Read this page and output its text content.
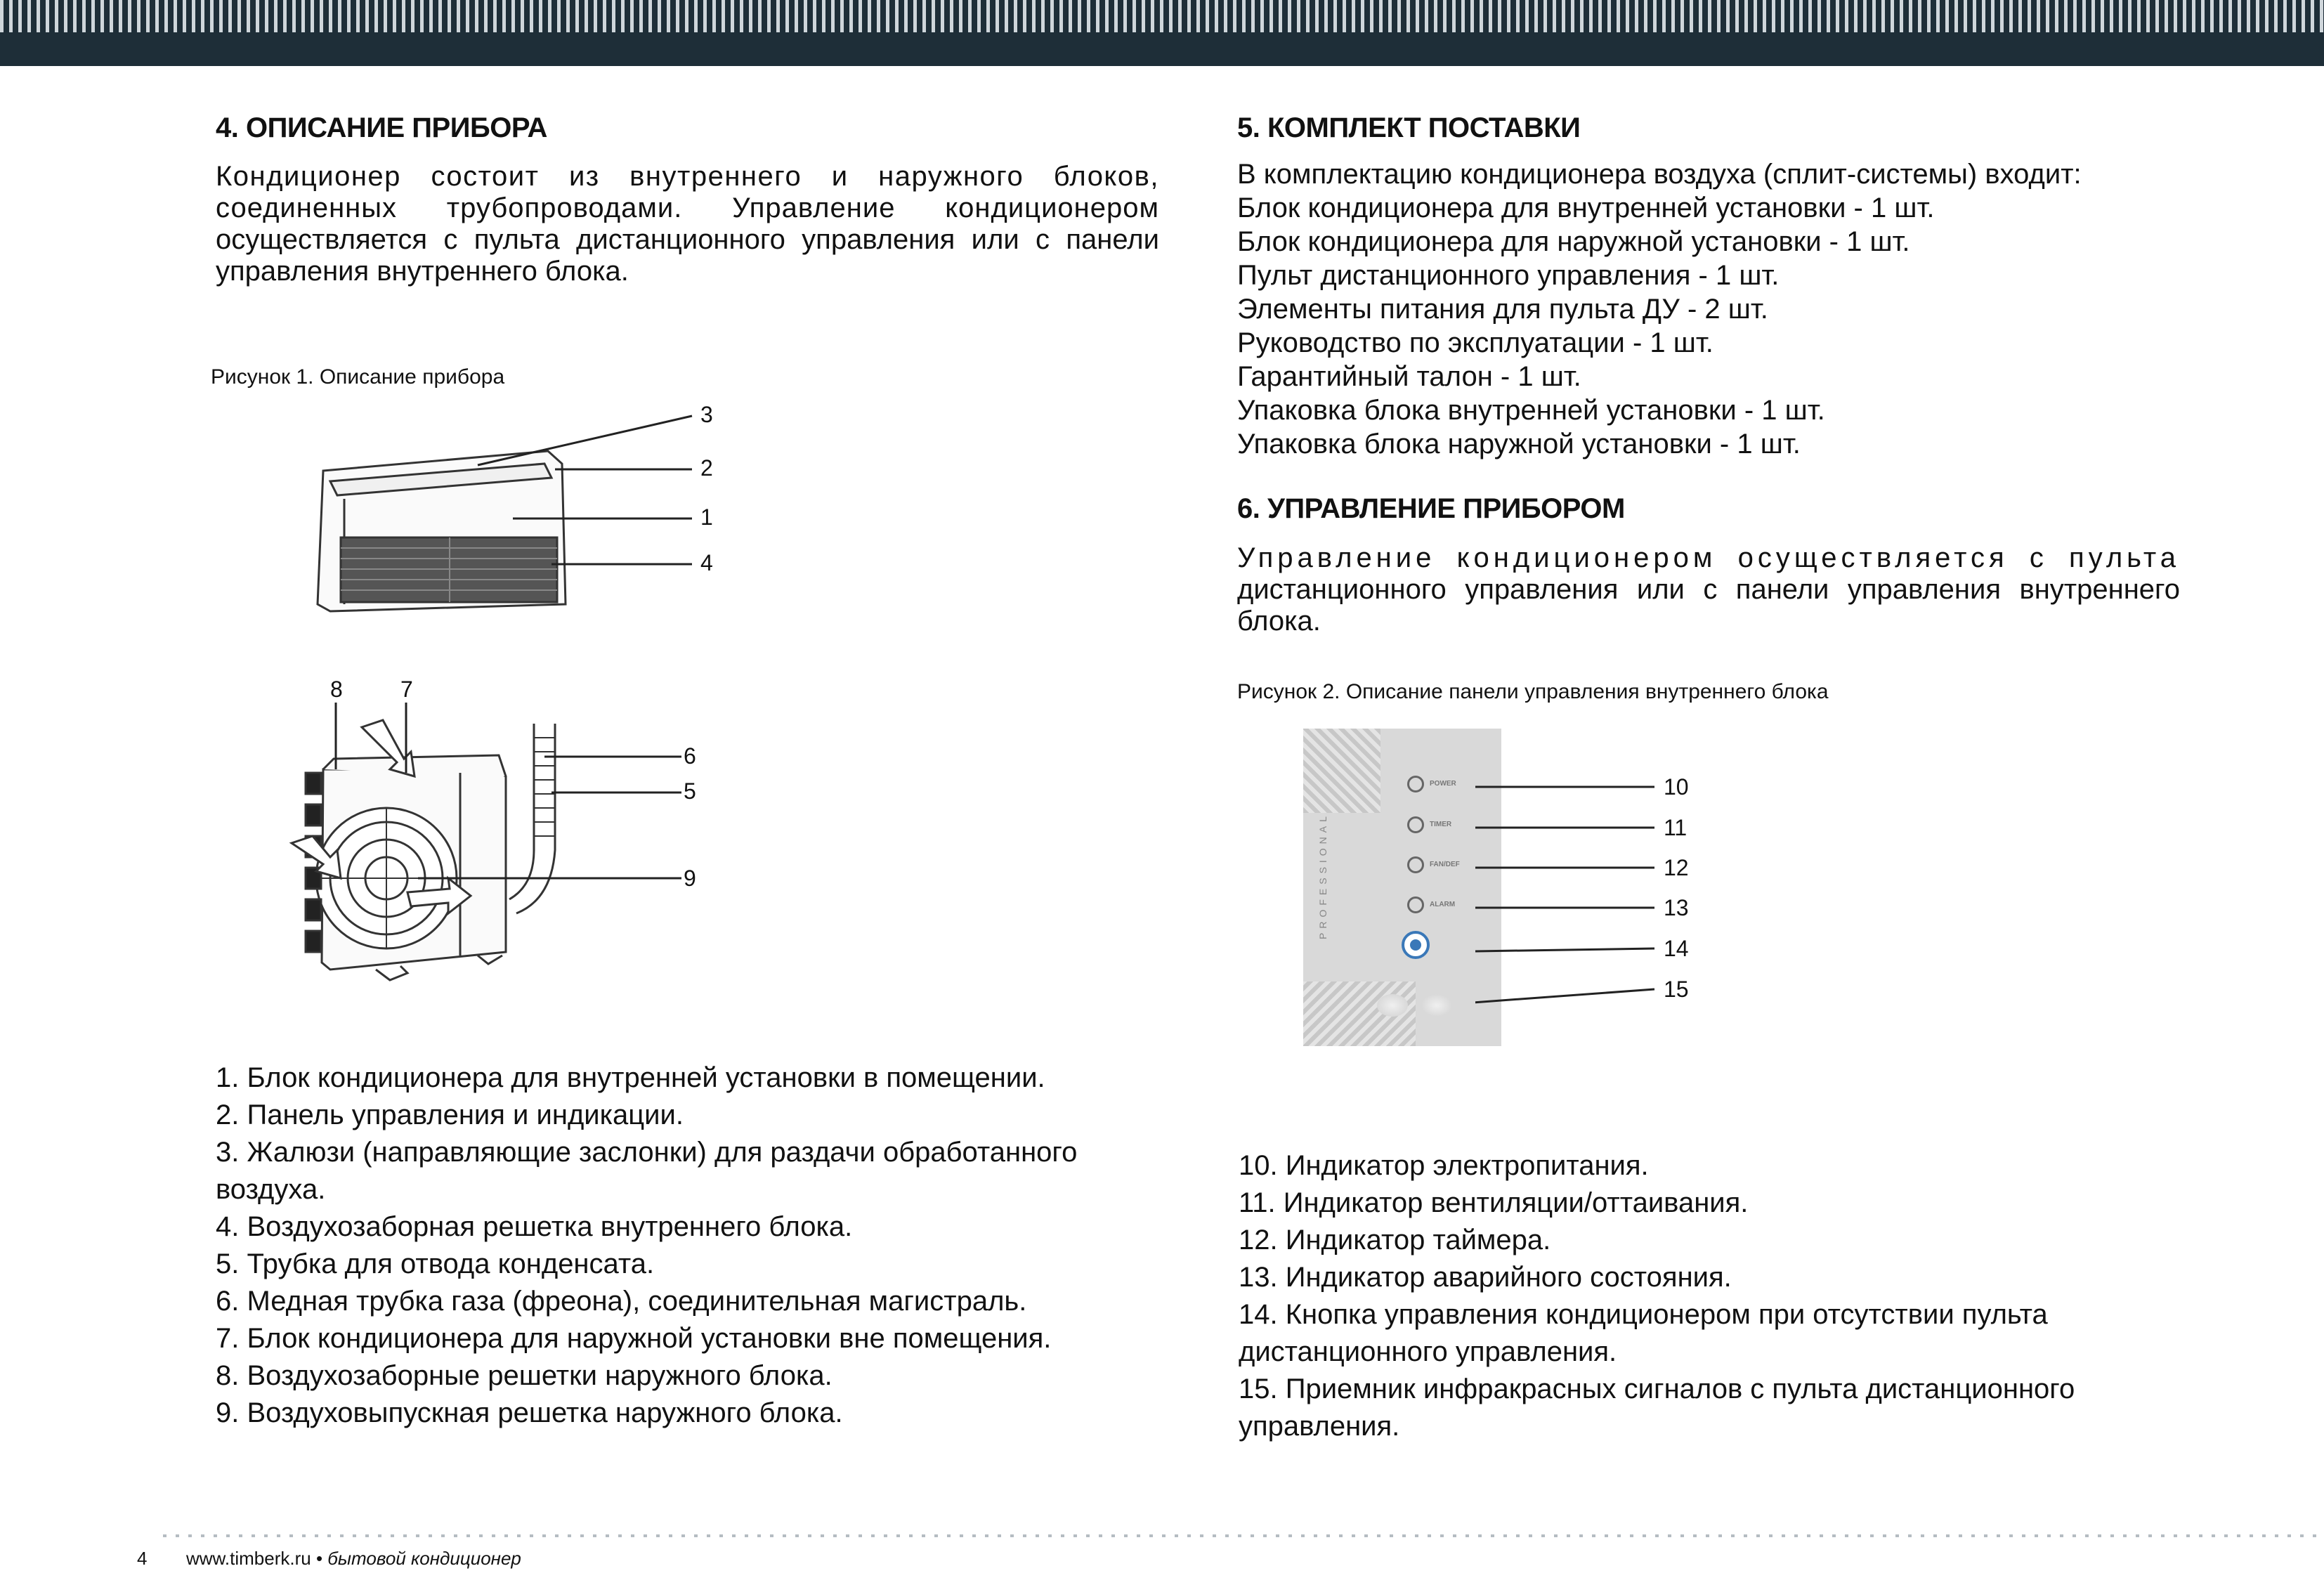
4. ОПИСАНИЕ ПРИБОРА
Кондиционер состоит из внутреннего и наружного блоков,
соединенных трубопроводами. Управление кондиционером
осуществляется с пульта дистанционного управления или с панели
управления внутреннего блока.
Рисунок 1. Описание прибора
3
2
1
4
8	7
6
5
9
1. Блок кондиционера для внутренней установки в помещении.
2. Панель управления и индикации.
3. Жалюзи (направляющие заслонки) для раздачи обработанного
воздуха.
4. Воздухозаборная решетка внутреннего блока.
5. Трубка для отвода конденсата.
6. Медная трубка газа (фреона), соединительная магистраль.
7. Блок кондиционера для наружной установки вне помещения.
8. Воздухозаборные решетки наружного блока.
9. Воздуховыпускная решетка наружного блока.
5. КОМПЛЕКТ ПОСТАВКИ
В комплектацию кондиционера воздуха (сплит-системы) входит:
Блок кондиционера для внутренней установки - 1 шт.
Блок кондиционера для наружной установки - 1 шт.
Пульт дистанционного управления - 1 шт.
Элементы питания для пульта ДУ - 2 шт.
Руководство по эксплуатации - 1 шт.
Гарантийный талон - 1 шт.
Упаковка блока внутренней установки - 1 шт.
Упаковка блока наружной установки - 1 шт.
6. УПРАВЛЕНИЕ ПРИБОРОМ
Управление кондиционером осуществляется с пульта
дистанционного управления или с панели управления внутреннего
блока.
Рисунок 2. Описание панели управления внутреннего блока
PROFESSIONAL
POWER
TIMER
FAN/DEF
ALARM
10
11
12
13
14
15
10. Индикатор электропитания.
11. Индикатор вентиляции/оттаивания.
12. Индикатор таймера.
13. Индикатор аварийного состояния.
14. Кнопка управления кондиционером при отсутствии пульта
дистанционного управления.
15. Приемник инфракрасных сигналов с пульта дистанционного
управления.
4 www.timberk.ru • бытовой кондиционер
